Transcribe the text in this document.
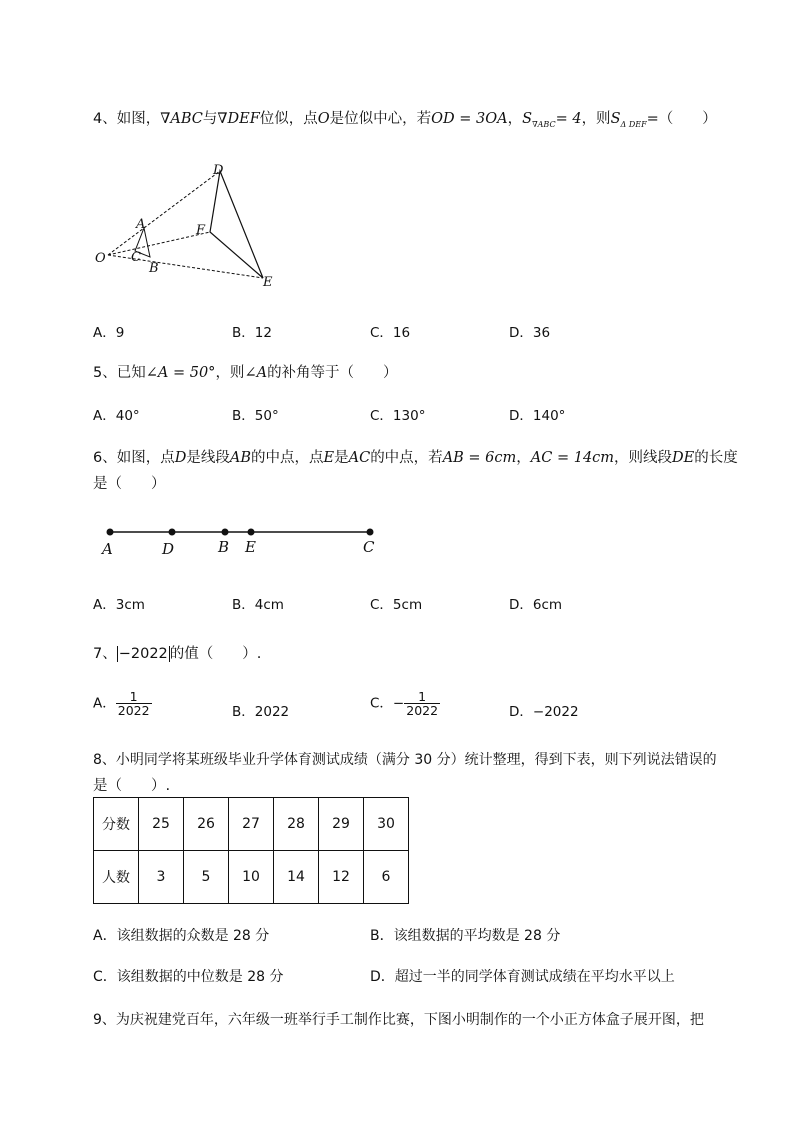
4、如图，∇ABC与∇DEF位似，点O是位似中心，若OD = 3OA，$S_{\nabla ABC}= 4$，则$S_{\Delta DEF}=$（　　）
D
A	F
O C
B
E
A．9	B．12	C．16	D．36
5、已知∠A = 50°，则∠A的补角等于（　　）
A．40°	B．50°	C．130°	D．140°
6、如图，点D是线段AB的中点，点E是AC的中点，若AB = 6cm，AC = 14cm，则线段DE的长度
是（　　）
A	D	B E	C
A．3cm	B．4cm	C．5cm	D．6cm
7、 −2022 的值（　　）.
A． $\frac{1}{2022}$	B．2022
C．− $\frac{1}{2022}$	D．−2022
8、小明同学将某班级毕业升学体育测试成绩（满分 30 分）统计整理，得到下表，则下列说法错误的
是（　　）.
分数	25	26	27	28	29	30
人数	3	5	10	14	12	6
A．该组数据的众数是 28 分	B．该组数据的平均数是 28 分
C．该组数据的中位数是 28 分	D．超过一半的同学体育测试成绩在平均水平以上
9、为庆祝建党百年，六年级一班举行手工制作比赛，下图小明制作的一个小正方体盒子展开图，把
